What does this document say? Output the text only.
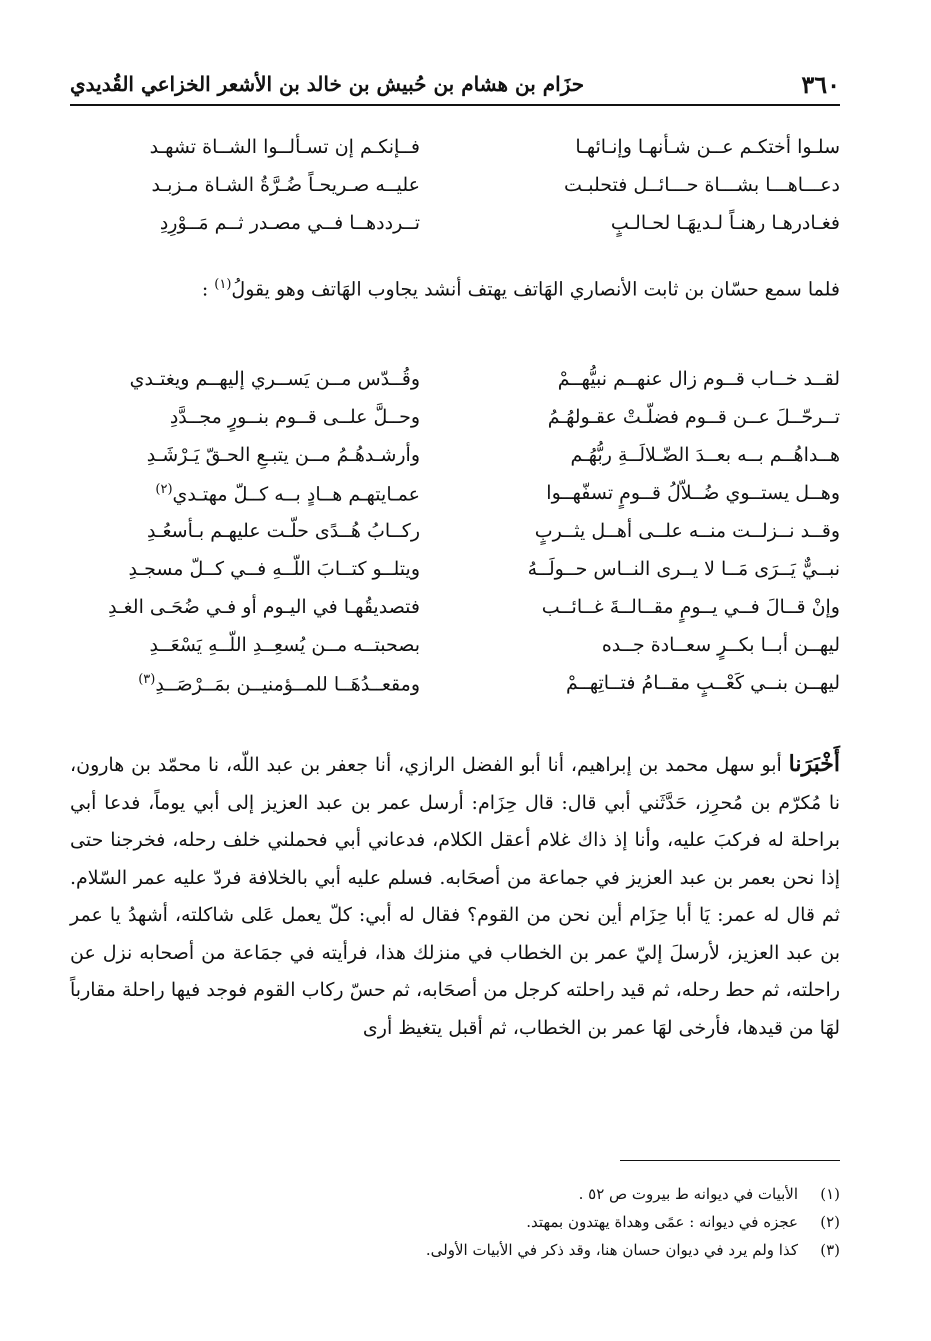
٣٦٠
حزَام بن هشام بن حُبيش بن خالد بن الأشعر الخزاعي القُديدي
سلـوا أختكـم عــن شـأنهـا وإنـائهـا
فــإنكـم إن تسـألــوا الشــاة تشهـد
دعـــاهـــا بشـــاة حـــائــل فتحلبـت
عليــه صـريحـاً ضُـرَّةُ الشـاة مـزبـد
فغـادرهـا رهنـاً لـديهَـا لحـالـبٍ
تــرددهــا فــي مصـدر ثــم مَــوْرِدِ
فلما سمع حسّان بن ثابت الأنصاري الهَاتف يهتف أنشد يجاوب الهَاتف وهو يقولُ$^{(١)}$ :
لقــد خــاب قــوم زال عنهــم نبيُّهــمْ
وقُــدّس مــن يَســري إليهــم ويغتـدي
تــرحّــلَ عــن قــوم فضلّـتْ عقـولهُـمُ
وحــلَّ علــى قــوم بنــورٍ مجــدَّدِ
هــداهُــم بــه بعــدَ الضّـلالَــةِ ربُّهُـم
وأرشـدهُـمُ مــن يتبـعِ الحـقّ يَـرْشَـدِ
وهــل يستــوي ضُــلاّلُ قــومٍ تسفّهــوا
عمـايتهـم هــادٍ بــه كــلّ مهتـدي$^{(٢)}$
وقــد نــزلــت منــه علــى أهــل يثــربٍ
ركــابُ هُــدًى حلّـت عليهـم بـأسعُـدِ
نبــيٌّ يَــرَى مَــا لا يــرى النــاس حــولَــهُ
ويتلــو كتــابَ اللّــهِ فــي كــلّ مسجـدِ
وإنْ قــالَ فــي يــومٍ مقــالــةَ غــائــب
فتصديقُهـا في اليـوم أو فـي ضُحَـى الغـدِ
ليهــن أبــا بكــرٍ سعــادة جــده
بصحبتــه مــن يُسعِــدِ اللّــهِ يَسْعَــدِ
ليهــن بنــي كَعْــبٍ مقــامُ فتــاتِهــمْ
ومقعــدُهَــا للمــؤمنيــن بمَــرْصَــدِ$^{(٣)}$
أَخْبَرَنا أبو سهل محمد بن إبراهيم، أنا أبو الفضل الرازي، أنا جعفر بن عبد اللّه، نا محمّد بن هارون، نا مُكرّم بن مُحرِز، حَدَّثَني أبي قال: قال حِزَام: أرسل عمر بن عبد العزيز إلى أبي يوماً، فدعا أبي براحلة له فركبَ عليه، وأنا إذ ذاك غلام أعقل الكلام، فدعاني أبي فحملني خلف رحله، فخرجنا حتى إذا نحن بعمر بن عبد العزيز في جماعة من أصحَابه. فسلم عليه أبي بالخلافة فردّ عليه عمر السّلام. ثم قال له عمر: يَا أبا حِزَام أين نحن من القوم؟ فقال له أبي: كلّ يعمل عَلى شاكلته، أشهدُ يا عمر بن عبد العزيز، لأرسلَ إليّ عمر بن الخطاب في منزلك هذا، فرأيته في جمَاعة من أصحابه نزل عن راحلته، ثم حط رحله، ثم قيد راحلته كرجل من أصحَابه، ثم حسّ ركاب القوم فوجد فيها راحلة مقارباً لهَا من قيدها، فأرخى لهَا عمر بن الخطاب، ثم أقبل يتغيظ أرى
(١)الأبيات في ديوانه ط بيروت ص ٥٢ .
(٢)عجزه في ديوانه : عمًى وهداة يهتدون بمهتد.
(٣)كذا ولم يرد في ديوان حسان هنا، وقد ذكر في الأبيات الأولى.
